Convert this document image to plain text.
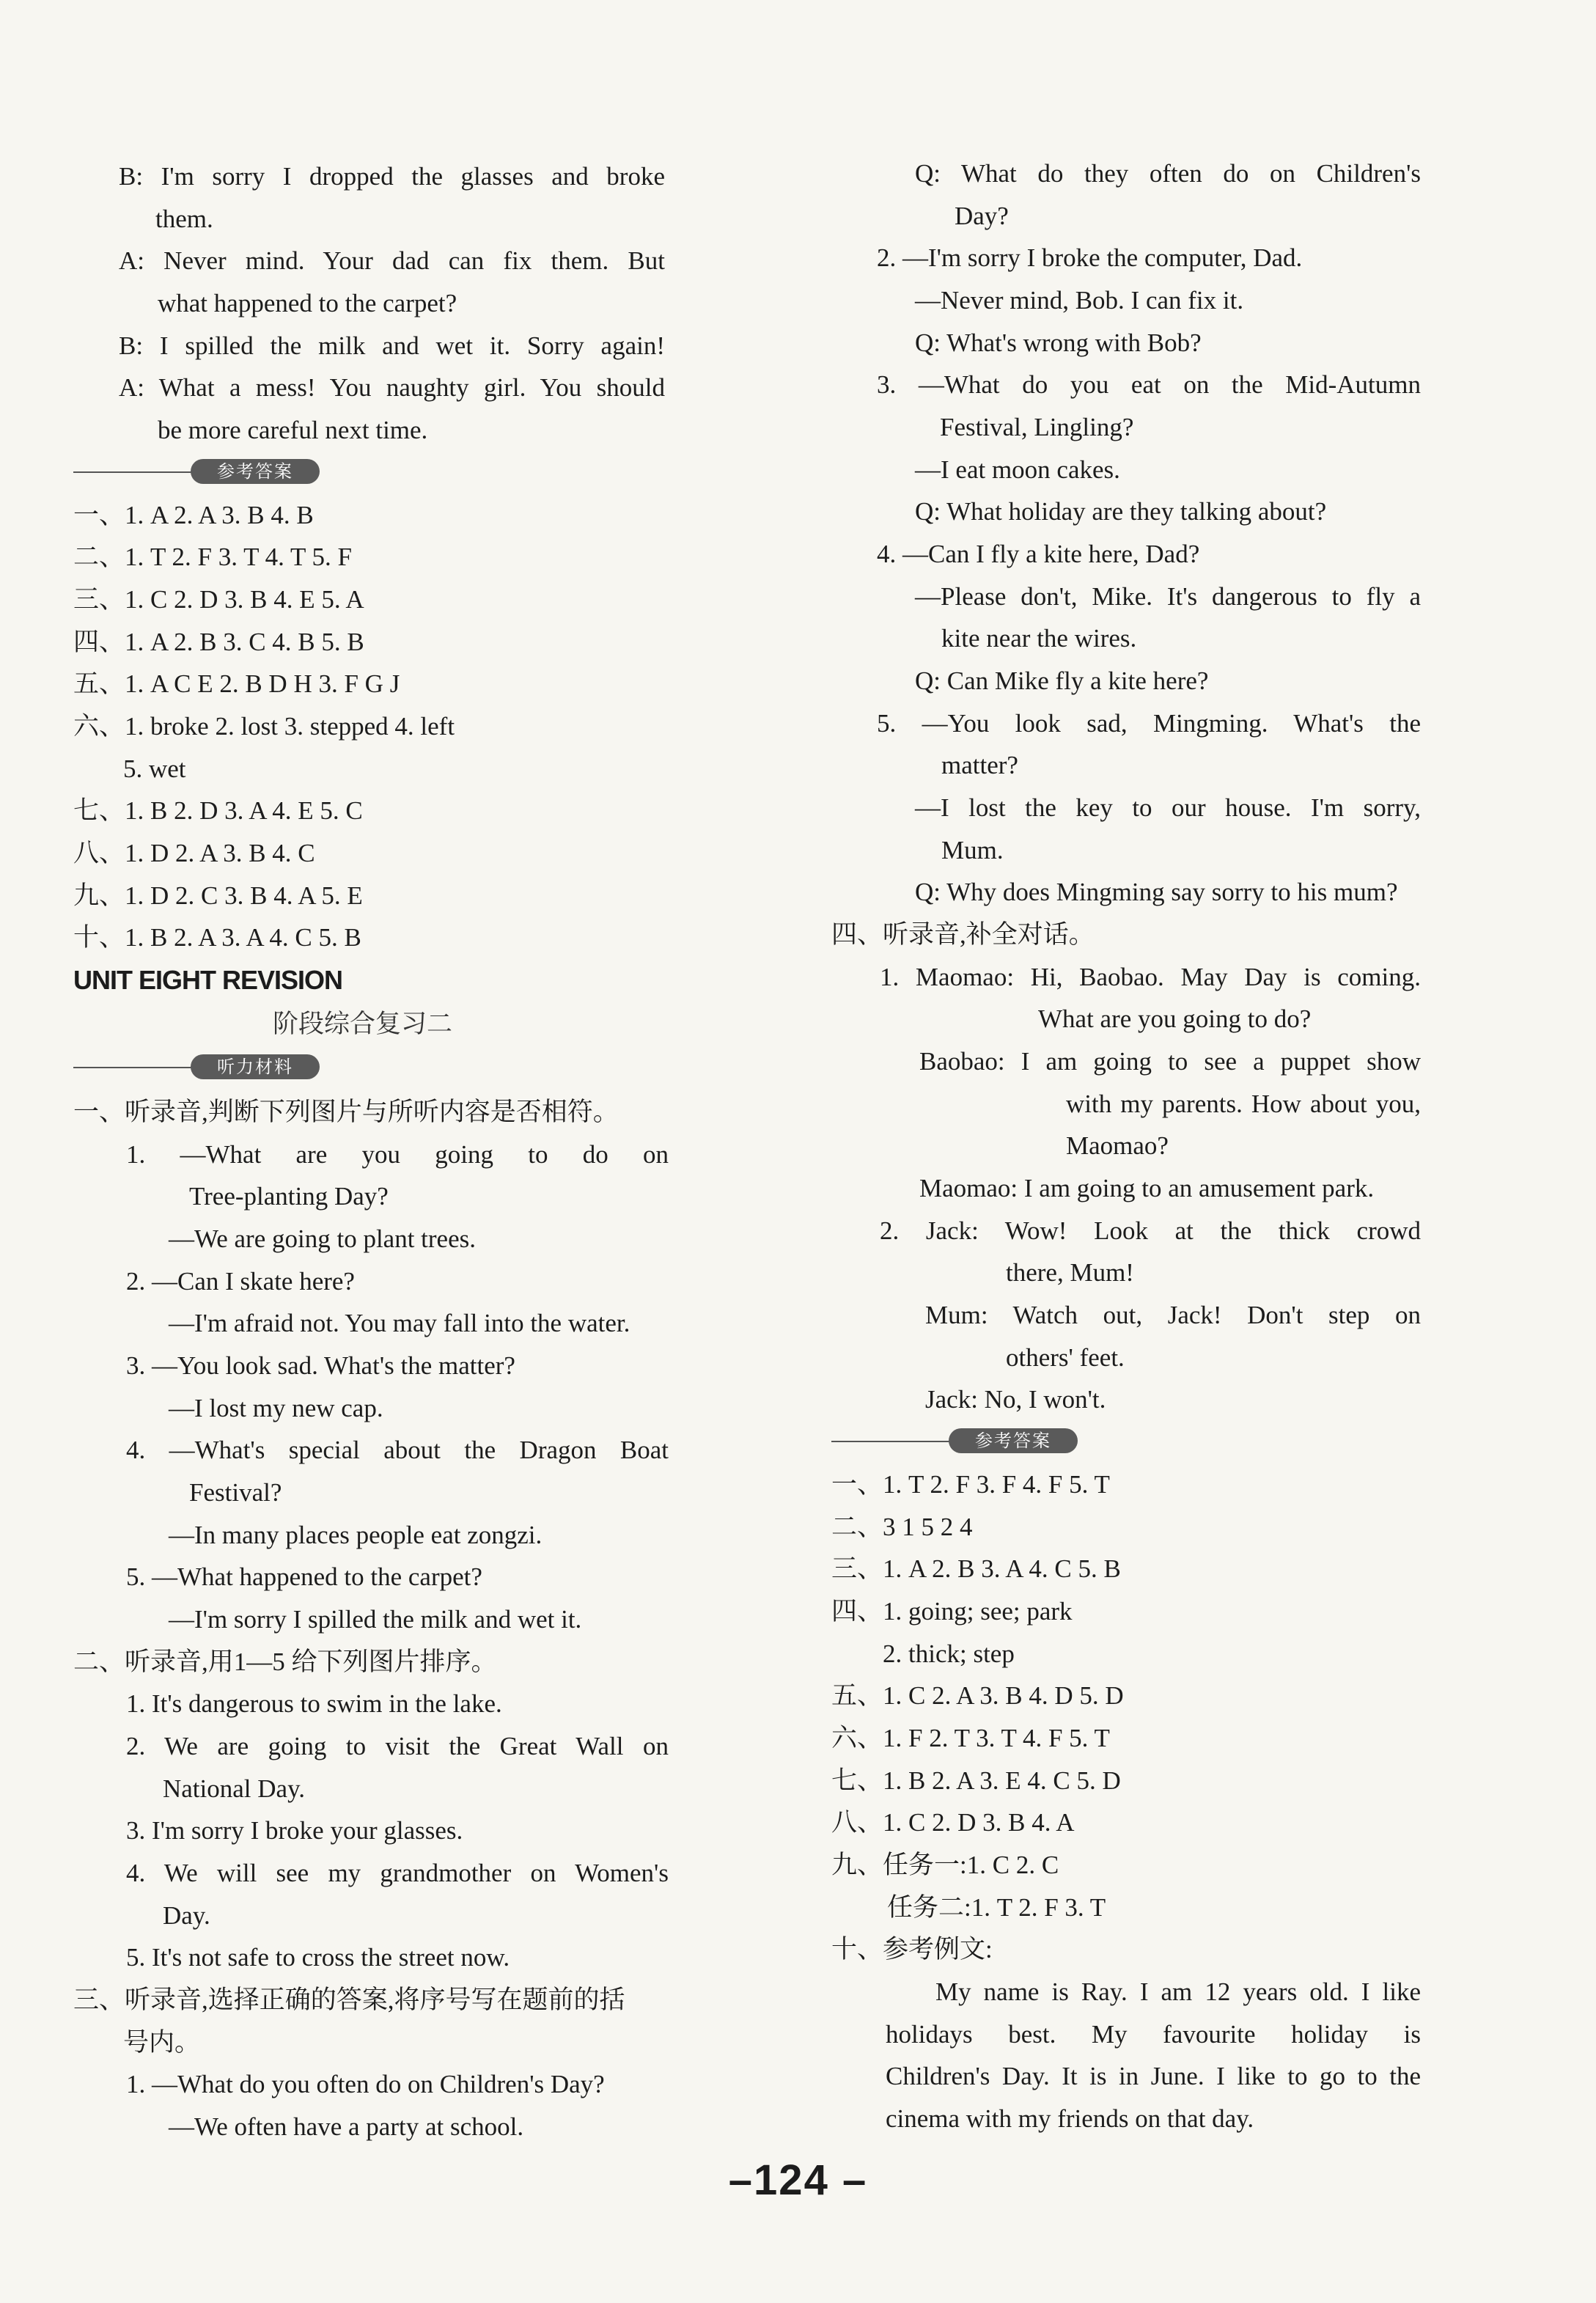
B: I'm sorry I dropped the glasses and broke
them.
A: Never mind. Your dad can fix them. But
what happened to the carpet?
B: I spilled the milk and wet it. Sorry again!
A: What a mess! You naughty girl. You should
be more careful next time.
参考答案
一、1. A 2. A 3. B 4. B
二、1. T 2. F 3. T 4. T 5. F
三、1. C 2. D 3. B 4. E 5. A
四、1. A 2. B 3. C 4. B 5. B
五、1. A C E 2. B D H 3. F G J
六、1. broke 2. lost 3. stepped 4. left
5. wet
七、1. B 2. D 3. A 4. E 5. C
八、1. D 2. A 3. B 4. C
九、1. D 2. C 3. B 4. A 5. E
十、1. B 2. A 3. A 4. C 5. B
UNIT EIGHT REVISION
阶段综合复习二
听力材料
一、听录音,判断下列图片与所听内容是否相符。
1. —What are you going to do on
Tree-planting Day?
—We are going to plant trees.
2. —Can I skate here?
—I'm afraid not. You may fall into the water.
3. —You look sad. What's the matter?
—I lost my new cap.
4. —What's special about the Dragon Boat
Festival?
—In many places people eat zongzi.
5. —What happened to the carpet?
—I'm sorry I spilled the milk and wet it.
二、听录音,用1—5 给下列图片排序。
1. It's dangerous to swim in the lake.
2. We are going to visit the Great Wall on
National Day.
3. I'm sorry I broke your glasses.
4. We will see my grandmother on Women's
Day.
5. It's not safe to cross the street now.
三、听录音,选择正确的答案,将序号写在题前的括
号内。
1. —What do you often do on Children's Day?
—We often have a party at school.
Q: What do they often do on Children's
Day?
2. —I'm sorry I broke the computer, Dad.
—Never mind, Bob. I can fix it.
Q: What's wrong with Bob?
3. —What do you eat on the Mid-Autumn
Festival, Lingling?
—I eat moon cakes.
Q: What holiday are they talking about?
4. —Can I fly a kite here, Dad?
—Please don't, Mike. It's dangerous to fly a
kite near the wires.
Q: Can Mike fly a kite here?
5. —You look sad, Mingming. What's the
matter?
—I lost the key to our house. I'm sorry,
Mum.
Q: Why does Mingming say sorry to his mum?
四、听录音,补全对话。
1. Maomao: Hi, Baobao. May Day is coming.
What are you going to do?
Baobao: I am going to see a puppet show
with my parents. How about you,
Maomao?
Maomao: I am going to an amusement park.
2. Jack: Wow! Look at the thick crowd
there, Mum!
Mum: Watch out, Jack! Don't step on
others' feet.
Jack: No, I won't.
参考答案
一、1. T 2. F 3. F 4. F 5. T
二、3 1 5 2 4
三、1. A 2. B 3. A 4. C 5. B
四、1. going; see; park
2. thick; step
五、1. C 2. A 3. B 4. D 5. D
六、1. F 2. T 3. T 4. F 5. T
七、1. B 2. A 3. E 4. C 5. D
八、1. C 2. D 3. B 4. A
九、任务一:1. C 2. C
任务二:1. T 2. F 3. T
十、参考例文:
My name is Ray. I am 12 years old. I like
holidays best. My favourite holiday is
Children's Day. It is in June. I like to go to the
cinema with my friends on that day.
–124 –
